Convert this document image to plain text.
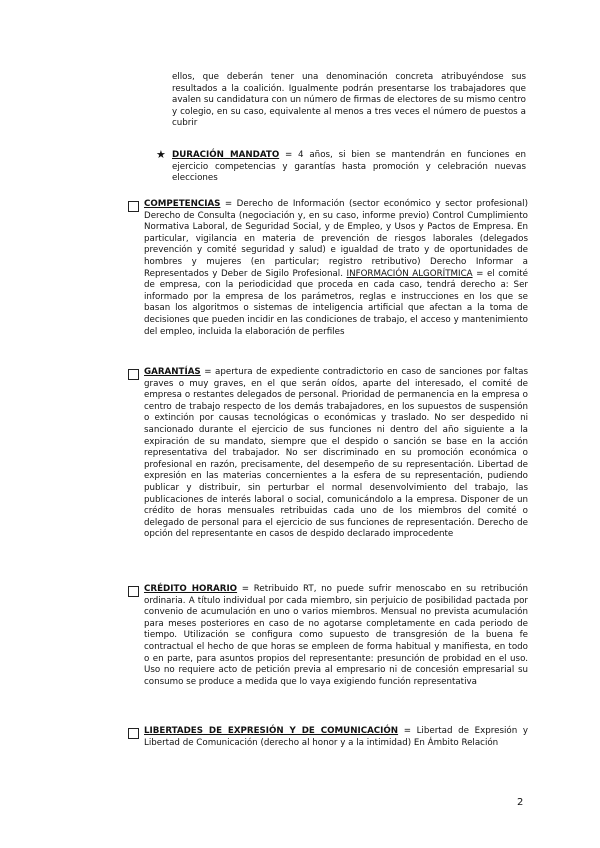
ellos, que deberán tener una denominación concreta atribuyéndose sus resultados a la coalición. Igualmente podrán presentarse los trabajadores que avalen su candidatura con un número de firmas de electores de su mismo centro y colegio, en su caso, equivalente al menos a tres veces el número de puestos a cubrir

★ DURACIÓN MANDATO = 4 años, si bien se mantendrán en funciones en ejercicio competencias y garantías hasta promoción y celebración nuevas elecciones

COMPETENCIAS = Derecho de Información (sector económico y sector profesional) Derecho de Consulta (negociación y, en su caso, informe previo) Control Cumplimiento Normativa Laboral, de Seguridad Social, y de Empleo, y Usos y Pactos de Empresa. En particular, vigilancia en materia de prevención de riesgos laborales (delegados prevención y comité seguridad y salud) e igualdad de trato y de oportunidades de hombres y mujeres (en particular; registro retributivo) Derecho Informar a Representados y Deber de Sigilo Profesional. INFORMACIÓN ALGORÍTMICA = el comité de empresa, con la periodicidad que proceda en cada caso, tendrá derecho a: Ser informado por la empresa de los parámetros, reglas e instrucciones en los que se basan los algoritmos o sistemas de inteligencia artificial que afectan a la toma de decisiones que pueden incidir en las condiciones de trabajo, el acceso y mantenimiento del empleo, incluida la elaboración de perfiles

GARANTÍAS = apertura de expediente contradictorio en caso de sanciones por faltas graves o muy graves, en el que serán oídos, aparte del interesado, el comité de empresa o restantes delegados de personal. Prioridad de permanencia en la empresa o centro de trabajo respecto de los demás trabajadores, en los supuestos de suspensión o extinción por causas tecnológicas o económicas y traslado. No ser despedido ni sancionado durante el ejercicio de sus funciones ni dentro del año siguiente a la expiración de su mandato, siempre que el despido o sanción se base en la acción representativa del trabajador. No ser discriminado en su promoción económica o profesional en razón, precisamente, del desempeño de su representación. Libertad de expresión en las materias concernientes a la esfera de su representación, pudiendo publicar y distribuir, sin perturbar el normal desenvolvimiento del trabajo, las publicaciones de interés laboral o social, comunicándolo a la empresa. Disponer de un crédito de horas mensuales retribuidas cada uno de los miembros del comité o delegado de personal para el ejercicio de sus funciones de representación. Derecho de opción del representante en casos de despido declarado improcedente

CRÉDITO HORARIO = Retribuido RT, no puede sufrir menoscabo en su retribución ordinaria. A título individual por cada miembro, sin perjuicio de posibilidad pactada por convenio de acumulación en uno o varios miembros. Mensual no prevista acumulación para meses posteriores en caso de no agotarse completamente en cada periodo de tiempo. Utilización se configura como supuesto de transgresión de la buena fe contractual el hecho de que horas se empleen de forma habitual y manifiesta, en todo o en parte, para asuntos propios del representante: presunción de probidad en el uso. Uso no requiere acto de petición previa al empresario ni de concesión empresarial su consumo se produce a medida que lo vaya exigiendo función representativa

LIBERTADES DE EXPRESIÓN Y DE COMUNICACIÓN = Libertad de Expresión y Libertad de Comunicación (derecho al honor y a la intimidad) En Ámbito Relación

2
